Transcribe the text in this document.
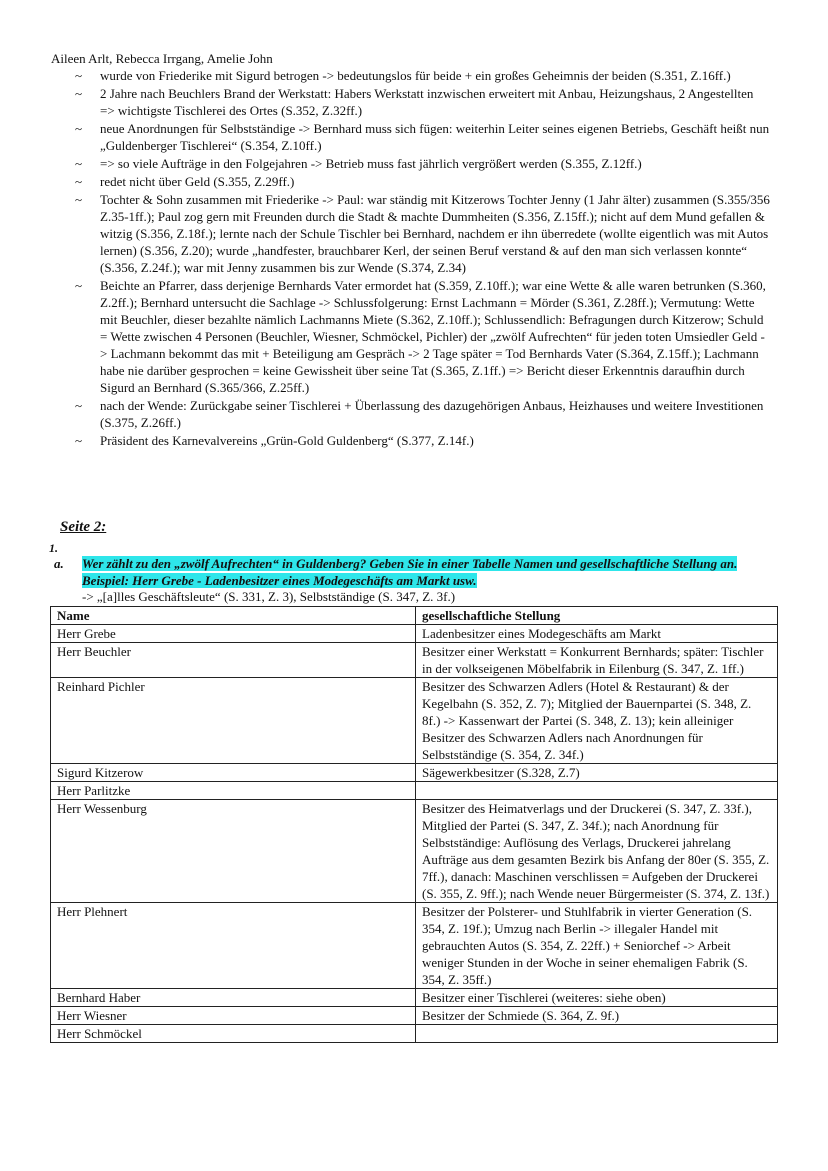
Aileen Arlt, Rebecca Irrgang, Amelie John
~ wurde von Friederike mit Sigurd betrogen -> bedeutungslos für beide + ein großes Geheimnis der beiden (S.351, Z.16ff.)
~ 2 Jahre nach Beuchlers Brand der Werkstatt: Habers Werkstatt inzwischen erweitert mit Anbau, Heizungshaus, 2 Angestellten => wichtigste Tischlerei des Ortes (S.352, Z.32ff.)
~ neue Anordnungen für Selbstständige -> Bernhard muss sich fügen: weiterhin Leiter seines eigenen Betriebs, Geschäft heißt nun „Guldenberger Tischlerei“ (S.354, Z.10ff.)
~ => so viele Aufträge in den Folgejahren -> Betrieb muss fast jährlich vergrößert werden (S.355, Z.12ff.)
~ redet nicht über Geld (S.355, Z.29ff.)
~ Tochter & Sohn zusammen mit Friederike -> Paul: war ständig mit Kitzerows Tochter Jenny (1 Jahr älter) zusammen (S.355/356 Z.35-1ff.); Paul zog gern mit Freunden durch die Stadt & machte Dummheiten (S.356, Z.15ff.); nicht auf dem Mund gefallen & witzig (S.356, Z.18f.); lernte nach der Schule Tischler bei Bernhard, nachdem er ihn überredete (wollte eigentlich was mit Autos lernen) (S.356, Z.20); wurde „handfester, brauchbarer Kerl, der seinen Beruf verstand & auf den man sich verlassen konnte“ (S.356, Z.24f.); war mit Jenny zusammen bis zur Wende (S.374, Z.34)
~ Beichte an Pfarrer, dass derjenige Bernhards Vater ermordet hat (S.359, Z.10ff.); war eine Wette & alle waren betrunken (S.360, Z.2ff.); Bernhard untersucht die Sachlage -> Schlussfolgerung: Ernst Lachmann = Mörder (S.361, Z.28ff.); Vermutung: Wette mit Beuchler, dieser bezahlte nämlich Lachmanns Miete (S.362, Z.10ff.); Schlussendlich: Befragungen durch Kitzerow; Schuld = Wette zwischen 4 Personen (Beuchler, Wiesner, Schmöckel, Pichler) der „zwölf Aufrechten“ für jeden toten Umsiedler Geld -> Lachmann bekommt das mit + Beteiligung am Gespräch -> 2 Tage später = Tod Bernhards Vater (S.364, Z.15ff.); Lachmann habe nie darüber gesprochen = keine Gewissheit über seine Tat (S.365, Z.1ff.) => Bericht dieser Erkenntnis daraufhin durch Sigurd an Bernhard (S.365/366, Z.25ff.)
~ nach der Wende: Zurückgabe seiner Tischlerei + Überlassung des dazugehörigen Anbaus, Heizhauses und weitere Investitionen (S.375, Z.26ff.)
~ Präsident des Karnevalvereins „Grün-Gold Guldenberg“ (S.377, Z.14f.)
Seite 2:
1.
a. Wer zählt zu den „zwölf Aufrechten“ in Guldenberg? Geben Sie in einer Tabelle Namen und gesellschaftliche Stellung an. Beispiel: Herr Grebe - Ladenbesitzer eines Modegeschäfts am Markt usw.
-> „[a]lles Geschäftsleute“ (S. 331, Z. 3), Selbstständige (S. 347, Z. 3f.)
Name	gesellschaftliche Stellung
Herr Grebe	Ladenbesitzer eines Modegeschäfts am Markt
Herr Beuchler	Besitzer einer Werkstatt = Konkurrent Bernhards; später: Tischler in der volkseigenen Möbelfabrik in Eilenburg (S. 347, Z. 1ff.)
Reinhard Pichler	Besitzer des Schwarzen Adlers (Hotel & Restaurant) & der Kegelbahn (S. 352, Z. 7); Mitglied der Bauernpartei (S. 348, Z. 8f.) -> Kassenwart der Partei (S. 348, Z. 13); kein alleiniger Besitzer des Schwarzen Adlers nach Anordnungen für Selbstständige (S. 354, Z. 34f.)
Sigurd Kitzerow	Sägewerkbesitzer (S.328, Z.7)
Herr Parlitzke	
Herr Wessenburg	Besitzer des Heimatverlags und der Druckerei (S. 347, Z. 33f.), Mitglied der Partei (S. 347, Z. 34f.); nach Anordnung für Selbstständige: Auflösung des Verlags, Druckerei jahrelang Aufträge aus dem gesamten Bezirk bis Anfang der 80er (S. 355, Z. 7ff.), danach: Maschinen verschlissen = Aufgeben der Druckerei (S. 355, Z. 9ff.); nach Wende neuer Bürgermeister (S. 374, Z. 13f.)
Herr Plehnert	Besitzer der Polsterer- und Stuhlfabrik in vierter Generation (S. 354, Z. 19f.); Umzug nach Berlin -> illegaler Handel mit gebrauchten Autos (S. 354, Z. 22ff.) + Seniorchef -> Arbeit weniger Stunden in der Woche in seiner ehemaligen Fabrik (S. 354, Z. 35ff.)
Bernhard Haber	Besitzer einer Tischlerei (weiteres: siehe oben)
Herr Wiesner	Besitzer der Schmiede (S. 364, Z. 9f.)
Herr Schmöckel	
